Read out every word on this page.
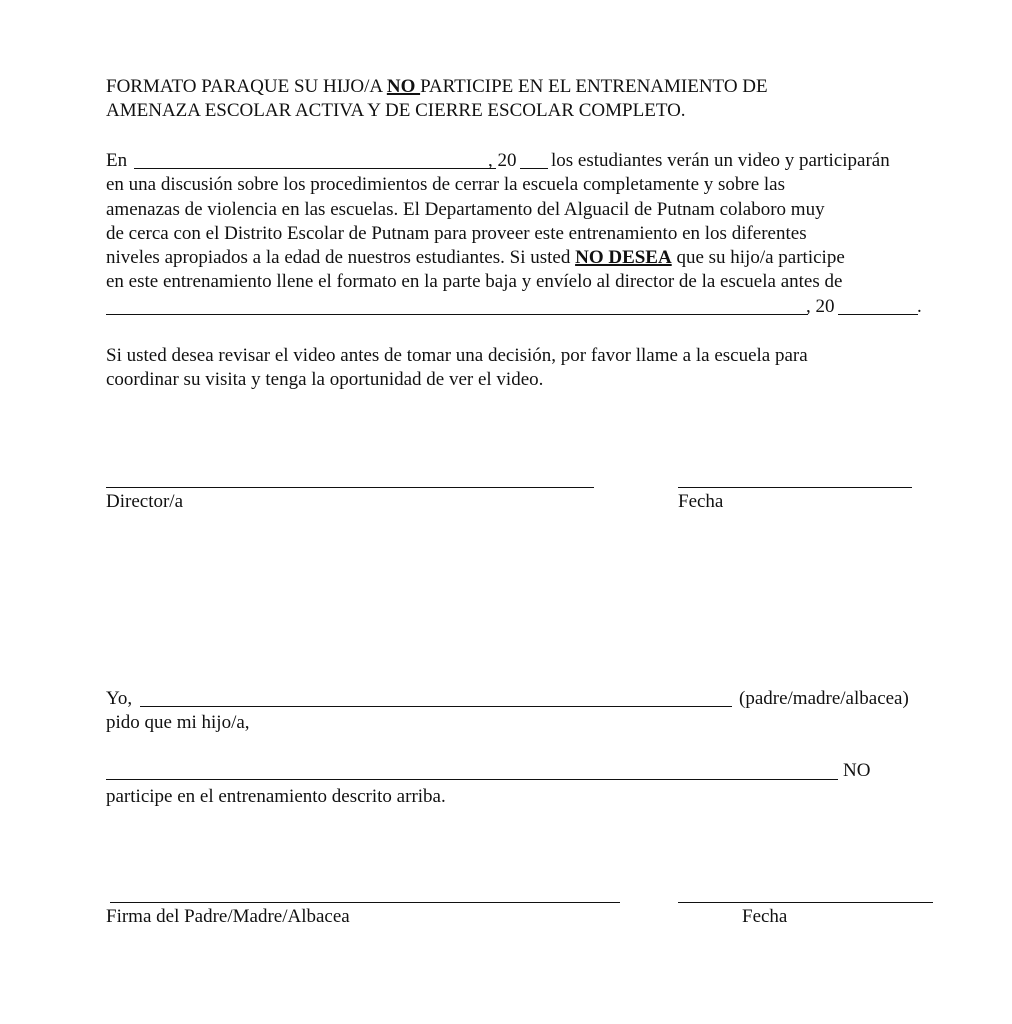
FORMATO PARAQUE SU HIJO/A NO PARTICIPE EN EL ENTRENAMIENTO DE
AMENAZA ESCOLAR ACTIVA Y DE CIERRE ESCOLAR COMPLETO.
En	, 20 los estudiantes verán un video y participarán
en una discusión sobre los procedimientos de cerrar la escuela completamente y sobre las
amenazas de violencia en las escuelas. El Departamento del Alguacil de Putnam colaboro muy
de cerca con el Distrito Escolar de Putnam para proveer este entrenamiento en los diferentes
niveles apropiados a la edad de nuestros estudiantes. Si usted NO DESEA que su hijo/a participe
en este entrenamiento llene el formato en la parte baja y envíelo al director de la escuela antes de
, 20	.
Si usted desea revisar el video antes de tomar una decisión, por favor llame a la escuela para
coordinar su visita y tenga la oportunidad de ver el video.
Director/a	Fecha
Yo,	(padre/madre/albacea)
pido que mi hijo/a,
NO
participe en el entrenamiento descrito arriba.
Firma del Padre/Madre/Albacea	Fecha
